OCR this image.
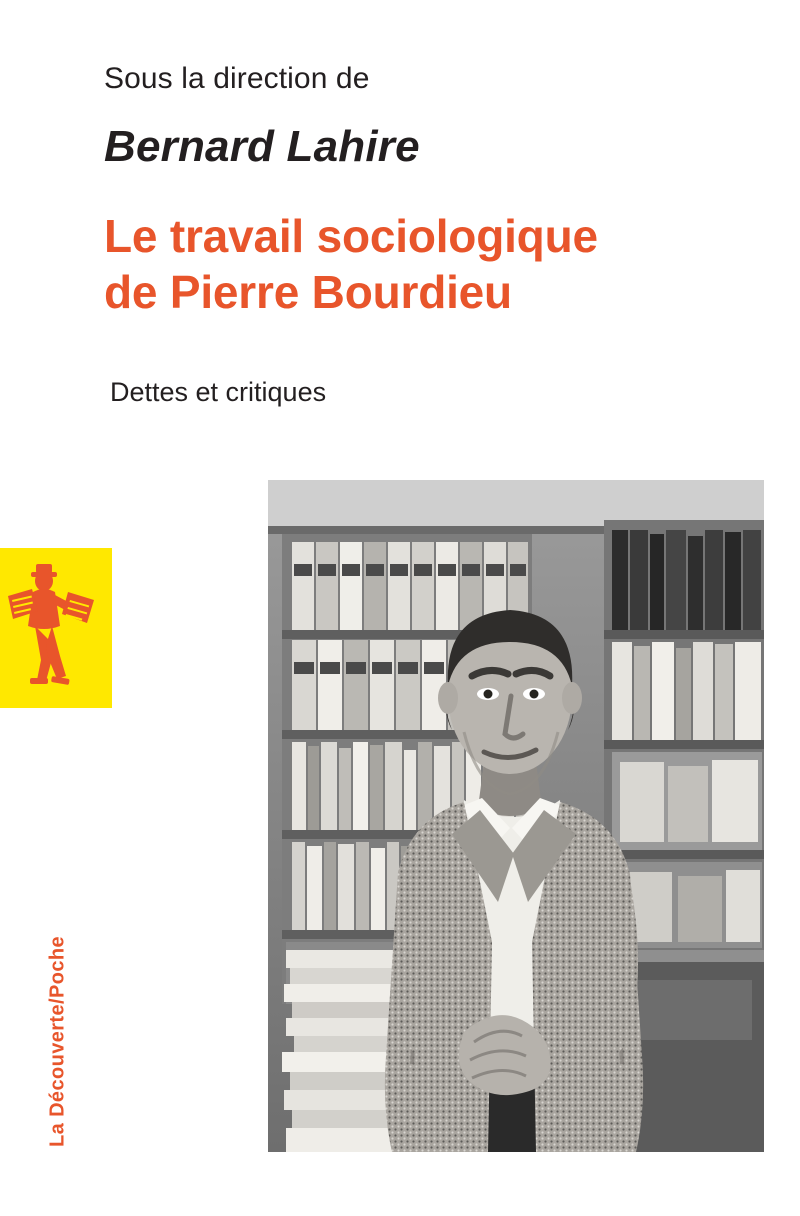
Sous la direction de
Bernard Lahire
Le travail sociologique
de Pierre Bourdieu
Dettes et critiques
La Découverte/Poche
